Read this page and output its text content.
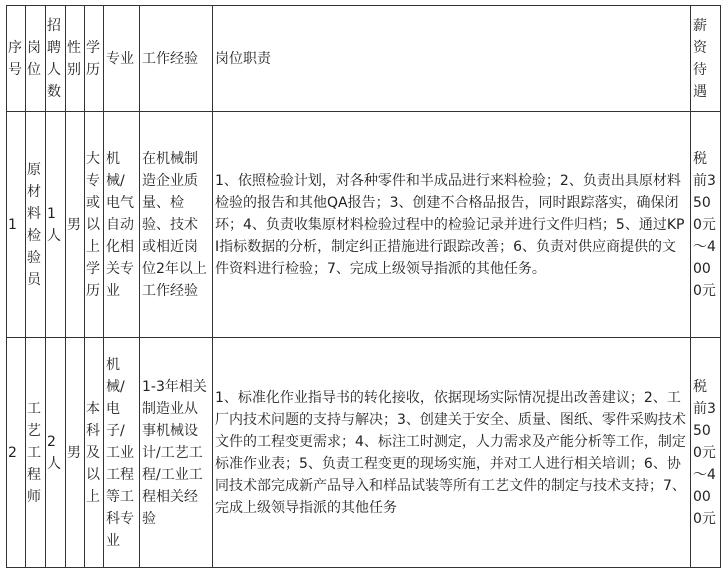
序号	岗位	招聘人数	性别	学历	专业	工作经验	岗位职责	薪资待遇
1	原材料检验员	1人	男	大专或以上学历	机械/电气自动化相关专业	在机械制造企业质量、检验、技术或相近岗位2年以上工作经验	1、依照检验计划，对各种零件和半成品进行来料检验；2、负责出具原材料检验的报告和其他QA报告；3、创建不合格品报告，同时跟踪落实，确保闭环；4、负责收集原材料检验过程中的检验记录并进行文件归档；5、通过KPI指标数据的分析，制定纠正措施进行跟踪改善；6、负责对供应商提供的文件资料进行检验；7、完成上级领导指派的其他任务。	税前3500元～4000元
2	工艺工程师	2人	男	本科及以上	机械/电子/工业工程等工科专业	1-3年相关制造业从事机械设计/工艺工程/工业工程相关经验	1、标准化作业指导书的转化接收，依据现场实际情况提出改善建议；2、工厂内技术问题的支持与解决；3、创建关于安全、质量、图纸、零件采购技术文件的工程变更需求；4、标注工时测定，人力需求及产能分析等工作，制定标准作业表；5、负责工程变更的现场实施，并对工人进行相关培训；6、协同技术部完成新产品导入和样品试装等所有工艺文件的制定与技术支持；7、完成上级领导指派的其他任务	税前3500元～4000元
